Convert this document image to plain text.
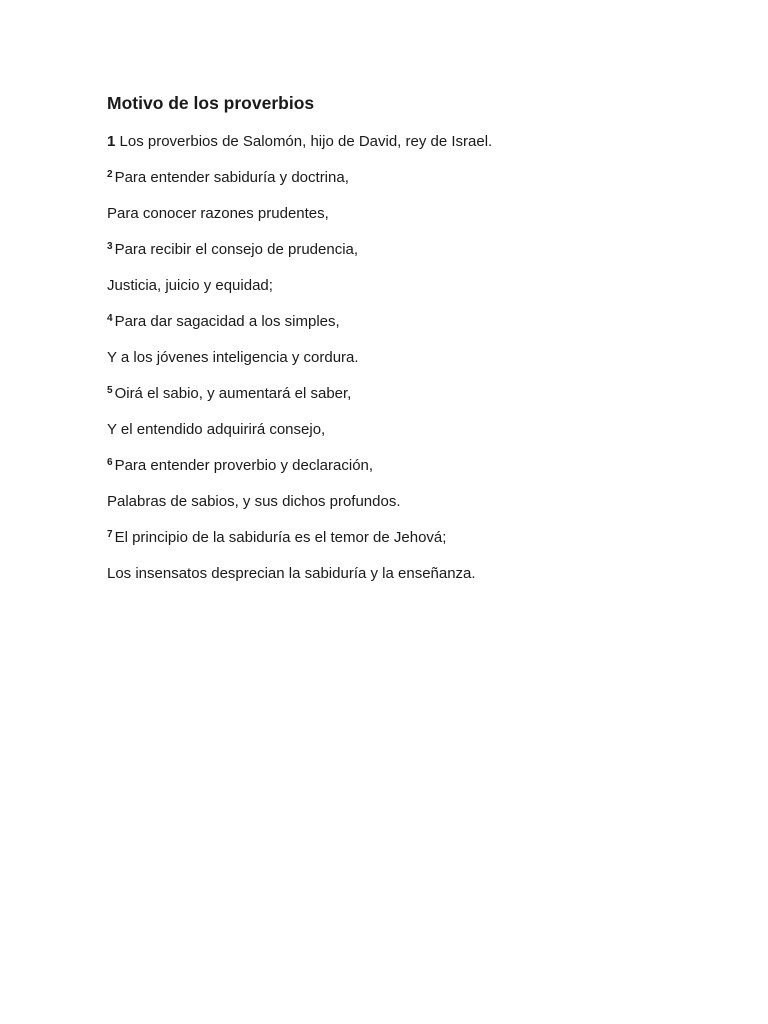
Motivo de los proverbios
1 Los proverbios de Salomón, hijo de David, rey de Israel.
$^2$ Para entender sabiduría y doctrina,
Para conocer razones prudentes,
$^3$ Para recibir el consejo de prudencia,
Justicia, juicio y equidad;
$^4$ Para dar sagacidad a los simples,
Y a los jóvenes inteligencia y cordura.
$^5$ Oirá el sabio, y aumentará el saber,
Y el entendido adquirirá consejo,
$^6$ Para entender proverbio y declaración,
Palabras de sabios, y sus dichos profundos.
$^7$ El principio de la sabiduría es el temor de Jehová;
Los insensatos desprecian la sabiduría y la enseñanza.
